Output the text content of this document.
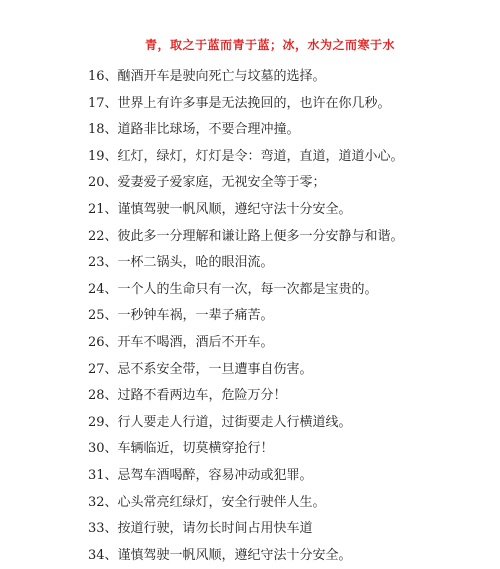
青，取之于蓝而青于蓝；冰，水为之而寒于水
16、酗酒开车是驶向死亡与坟墓的选择。
17、世界上有许多事是无法挽回的，也许在你几秒。
18、道路非比球场，不要合理冲撞。
19、红灯，绿灯，灯灯是令：弯道，直道，道道小心。
20、爱妻爱子爱家庭，无视安全等于零；
21、谨慎驾驶一帆风顺，遵纪守法十分安全。
22、彼此多一分理解和谦让路上便多一分安静与和谐。
23、一杯二锅头，呛的眼泪流。
24、一个人的生命只有一次，每一次都是宝贵的。
25、一秒钟车祸，一辈子痛苦。
26、开车不喝酒，酒后不开车。
27、忌不系安全带，一旦遭事自伤害。
28、过路不看两边车，危险万分！
29、行人要走人行道，过街要走人行横道线。
30、车辆临近，切莫横穿抢行！
31、忌驾车酒喝醉，容易冲动或犯罪。
32、心头常亮红绿灯，安全行驶伴人生。
33、按道行驶，请勿长时间占用快车道
34、谨慎驾驶一帆风顺，遵纪守法十分安全。
